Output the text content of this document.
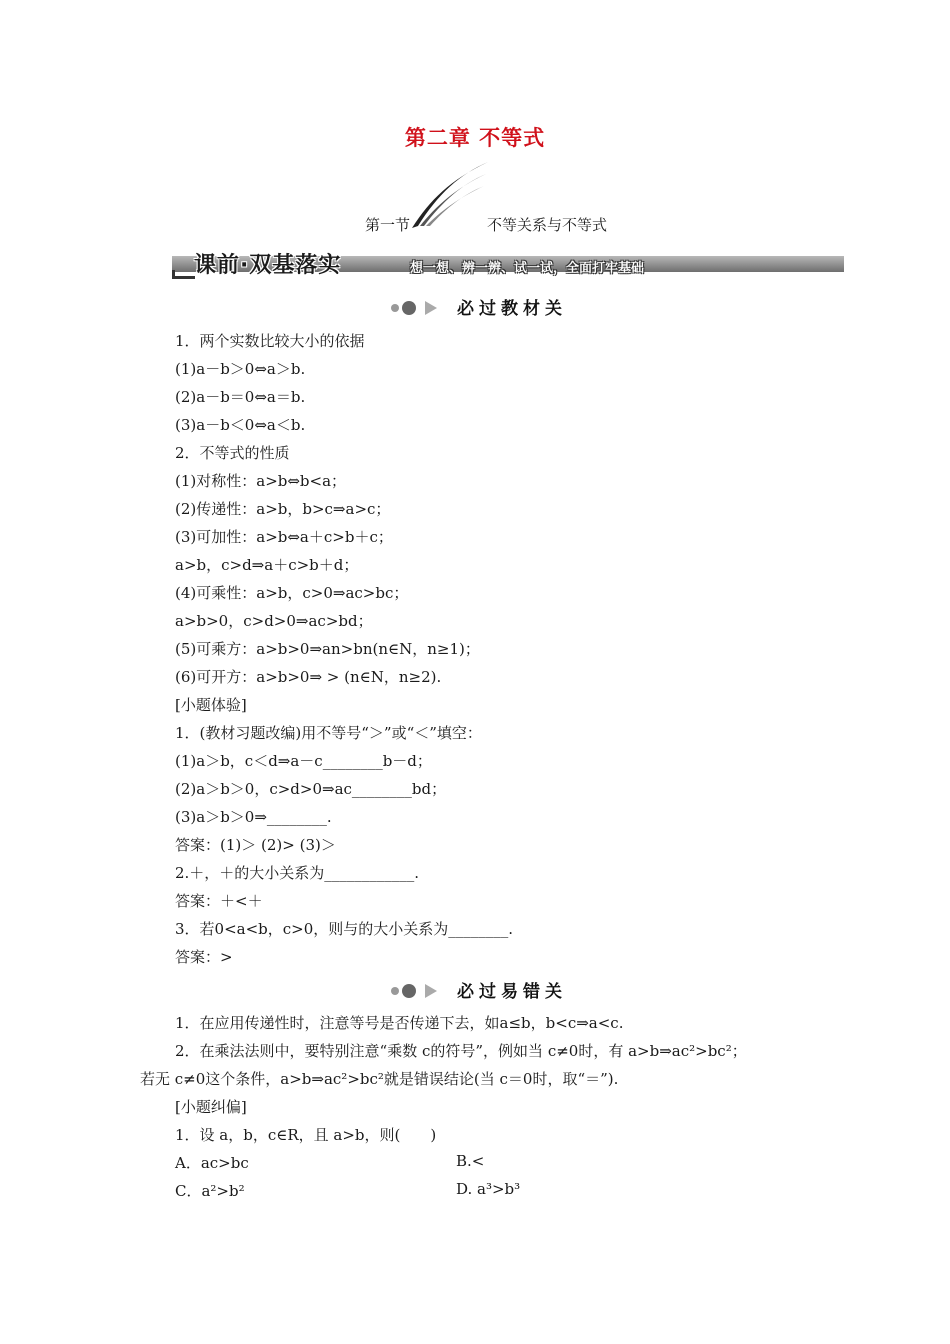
第二章 不等式
第一节	不等关系与不等式
课前·双基落实	想一想、辨一辨、试一试，全面打牢基础
必过教材关
1．两个实数比较大小的依据
(1)a－b＞0⇔a＞b.
(2)a－b＝0⇔a＝b.
(3)a－b＜0⇔a＜b.
2．不等式的性质
(1)对称性：a>b⇔b<a；
(2)传递性：a>b，b>c⇒a>c；
(3)可加性：a>b⇔a＋c>b＋c；
a>b，c>d⇒a＋c>b＋d；
(4)可乘性：a>b，c>0⇒ac>bc；
a>b>0，c>d>0⇒ac>bd；
(5)可乘方：a>b>0⇒an>bn(n∈N，n≥1)；
(6)可开方：a>b>0⇒ > (n∈N，n≥2).
[小题体验]
1．(教材习题改编)用不等号“＞”或“＜”填空：
(1)a＞b，c＜d⇒a－c________b－d；
(2)a＞b＞0，c>d>0⇒ac________bd；
(3)a＞b＞0⇒________.
答案：(1)＞ (2)> (3)＞
2.＋，＋的大小关系为____________.
答案：＋<＋
3．若0<a<b，c>0，则与的大小关系为________.
答案：>
必过易错关
1．在应用传递性时，注意等号是否传递下去，如a≤b，b<c⇒a<c.
2．在乘法法则中，要特别注意“乘数 c的符号”，例如当 c≠0时，有 a>b⇒ac²>bc²；
若无 c≠0这个条件，a>b⇒ac²>bc²就是错误结论(当 c＝0时，取“＝”).
[小题纠偏]
1．设 a，b，c∈R，且 a>b，则(　　)
A．ac>bc	B.<
C．a²>b²	D. a³>b³
